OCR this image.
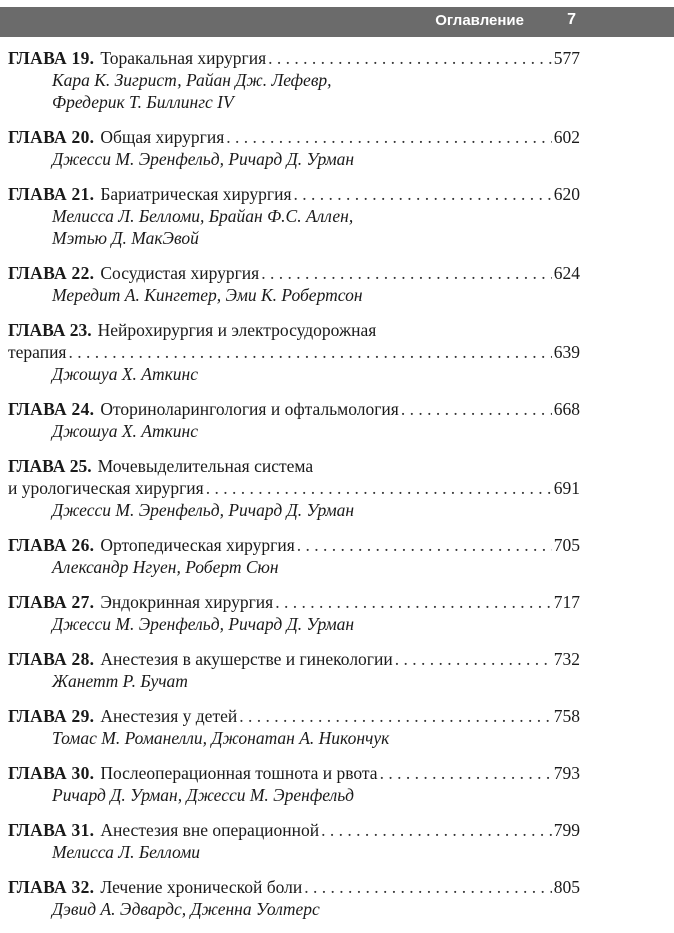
Оглавление	7
ГЛАВА 19. Торакальная хирургия . . .	577
Кара К. Зигрист, Райан Дж. Лефевр,
Фредерик Т. Биллингс IV
ГЛАВА 20. Общая хирургия . . .	602
Джесси М. Эренфельд, Ричард Д. Урман
ГЛАВА 21. Бариатрическая хирургия . . .	620
Мелисса Л. Белломи, Брайан Ф.С. Аллен,
Мэтью Д. МакЭвой
ГЛАВА 22. Сосудистая хирургия . . .	624
Мередит А. Кингетер, Эми К. Робертсон
ГЛАВА 23. Нейрохирургия и электросудорожная
терапия . . .	639
Джошуа Х. Аткинс
ГЛАВА 24. Оториноларингология и офтальмология . . .	668
Джошуа Х. Аткинс
ГЛАВА 25. Мочевыделительная система
и урологическая хирургия . . .	691
Джесси М. Эренфельд, Ричард Д. Урман
ГЛАВА 26. Ортопедическая хирургия . . .	705
Александр Нгуен, Роберт Сюн
ГЛАВА 27. Эндокринная хирургия . . .	717
Джесси М. Эренфельд, Ричард Д. Урман
ГЛАВА 28. Анестезия в акушерстве и гинекологии . . .	732
Жанетт Р. Бучат
ГЛАВА 29. Анестезия у детей . . .	758
Томас М. Романелли, Джонатан А. Никончук
ГЛАВА 30. Послеоперационная тошнота и рвота . . .	793
Ричард Д. Урман, Джесси М. Эренфельд
ГЛАВА 31. Анестезия вне операционной . . .	799
Мелисса Л. Белломи
ГЛАВА 32. Лечение хронической боли . . .	805
Дэвид А. Эдвардс, Дженна Уолтерс
